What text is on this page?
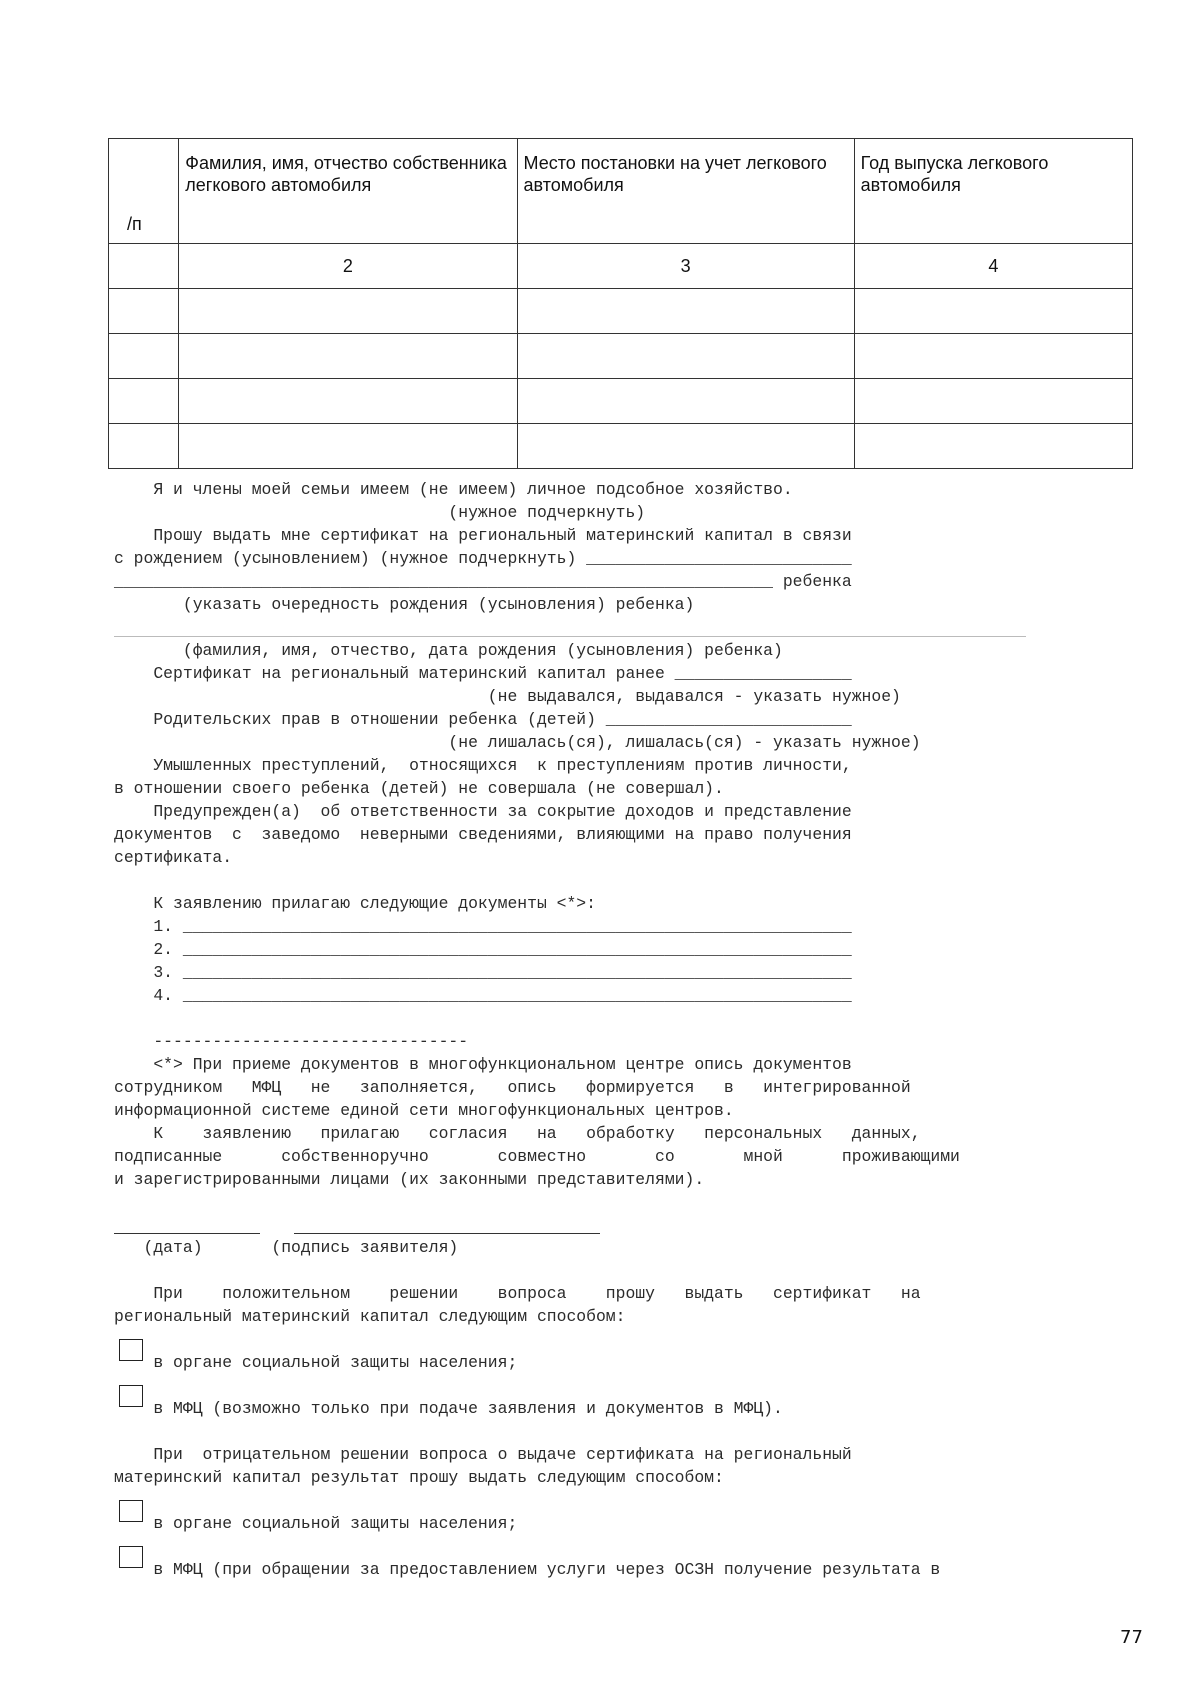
/п	Фамилия, имя, отчество собственника легкового автомобиля	Место постановки на учет легкового автомобиля	Год выпуска легкового автомобиля
	2	3	4

Я и члены моей семьи имеем (не имеем) личное подсобное хозяйство.
(нужное подчеркнуть)
Прошу выдать мне сертификат на региональный материнский капитал в связи
с рождением (усыновлением) (нужное подчеркнуть) ___________________________
___________________________________________________________________ ребенка
(указать очередность рождения (усыновления) ребенка)
(фамилия, имя, отчество, дата рождения (усыновления) ребенка)
Сертификат на региональный материнский капитал ранее __________________
(не выдавался, выдавался - указать нужное)
Родительских прав в отношении ребенка (детей) _________________________
(не лишалась(ся), лишалась(ся) - указать нужное)
Умышленных преступлений,  относящихся  к преступлениям против личности,
в отношении своего ребенка (детей) не совершала (не совершал).
Предупрежден(а)  об ответственности за сокрытие доходов и представление
документов  с  заведомо  неверными сведениями, влияющими на право получения
сертификата.
К заявлению прилагаю следующие документы <*>:
1. ____________________________________________________________________
2. ____________________________________________________________________
3. ____________________________________________________________________
4. ____________________________________________________________________
--------------------------------
<*> При приеме документов в многофункциональном центре опись документов
сотрудником   МФЦ   не   заполняется,   опись   формируется   в   интегрированной
информационной системе единой сети многофункциональных центров.
К    заявлению   прилагаю   согласия   на   обработку   персональных   данных,
подписанные      собственноручно       совместно       со       мной      проживающими
и зарегистрированными лицами (их законными представителями).
(дата)       (подпись заявителя)
При    положительном    решении    вопроса    прошу   выдать   сертификат   на
региональный материнский капитал следующим способом:
в органе социальной защиты населения;
в МФЦ (возможно только при подаче заявления и документов в МФЦ).
При  отрицательном решении вопроса о выдаче сертификата на региональный
материнский капитал результат прошу выдать следующим способом:
в органе социальной защиты населения;
в МФЦ (при обращении за предоставлением услуги через ОСЗН получение результата в
77
